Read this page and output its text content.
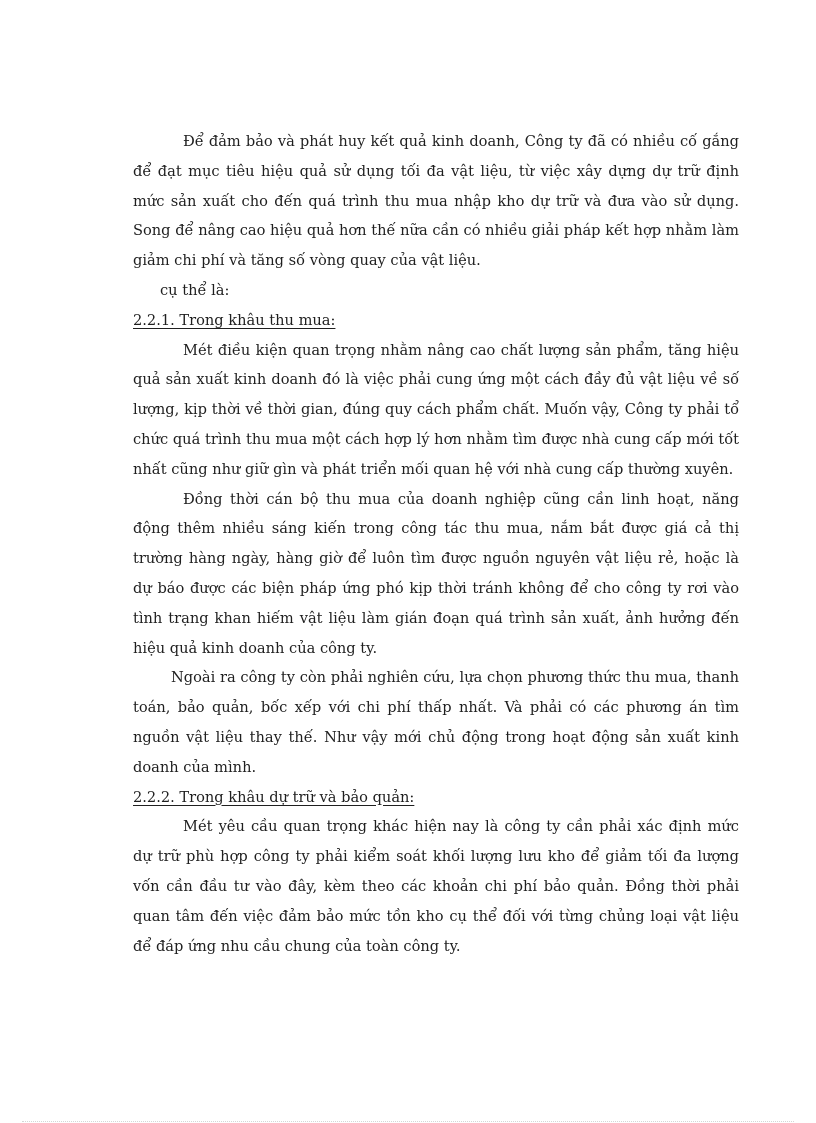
Để đảm bảo và phát huy kết quả kinh doanh, Công ty đã có nhiều cố gắng để đạt mục tiêu hiệu quả sử dụng tối đa vật liệu, từ việc xây dựng dự trữ định mức sản xuất cho đến quá trình thu mua nhập kho dự trữ và đưa vào sử dụng. Song để nâng cao hiệu quả hơn thế nữa cần có nhiều giải pháp kết hợp nhằm làm giảm chi phí và tăng số vòng quay của vật liệu.

cụ thể là:

2.2.1. Trong khâu thu mua:

Mét điều kiện quan trọng nhằm nâng cao chất lượng sản phẩm, tăng hiệu quả sản xuất kinh doanh đó là việc phải cung ứng một cách đầy đủ vật liệu về số lượng, kịp thời về thời gian, đúng quy cách phẩm chất. Muốn vậy, Công ty phải tổ chức quá trình thu mua một cách hợp lý hơn nhằm tìm được nhà cung cấp mới tốt nhất cũng như giữ gìn và phát triển mối quan hệ với nhà cung cấp thường xuyên.

Đồng thời cán bộ thu mua của doanh nghiệp cũng cần linh hoạt, năng động thêm nhiều sáng kiến trong công tác thu mua, nắm bắt được giá cả thị trường hàng ngày, hàng giờ để luôn tìm được nguồn nguyên vật liệu rẻ, hoặc là dự báo được các biện pháp ứng phó kịp thời tránh không để cho công ty rơi vào tình trạng khan hiếm vật liệu làm gián đoạn quá trình sản xuất, ảnh hưởng đến hiệu quả kinh doanh của công ty.

Ngoài ra công ty còn phải nghiên cứu, lựa chọn phương thức thu mua, thanh toán, bảo quản, bốc xếp với chi phí thấp nhất. Và phải có các phương án tìm nguồn vật liệu thay thế. Như vậy mới chủ động trong hoạt động sản xuất kinh doanh của mình.

2.2.2. Trong khâu dự trữ và bảo quản:

Mét yêu cầu quan trọng khác hiện nay là công ty cần phải xác định mức dự trữ phù hợp công ty phải kiểm soát khối lượng lưu kho để giảm tối đa lượng vốn cần đầu tư vào đây, kèm theo các khoản chi phí bảo quản. Đồng thời phải quan tâm đến việc đảm bảo mức tồn kho cụ thể đối với từng chủng loại vật liệu để đáp ứng nhu cầu chung của toàn công ty.
